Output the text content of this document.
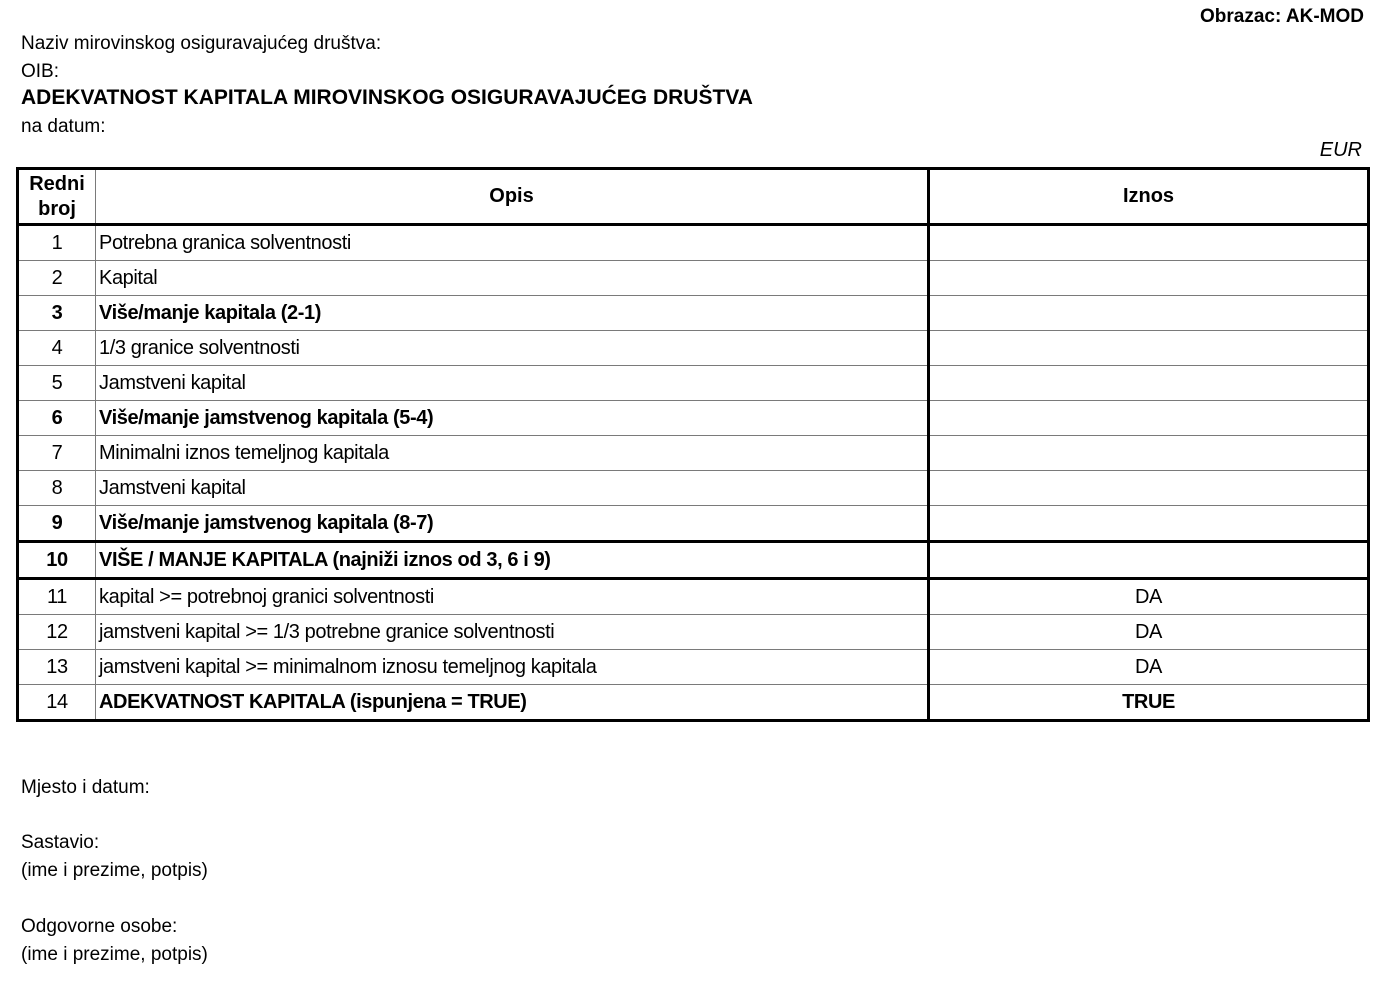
Obrazac: AK-MOD
Naziv mirovinskog osiguravajućeg društva:
OIB:
ADEKVATNOST KAPITALA MIROVINSKOG OSIGURAVAJUĆEG DRUŠTVA
na datum:
EUR
Redni
broj	Opis	Iznos
1	Potrebna granica solventnosti	
2	Kapital	
3	Više/manje kapitala (2-1)	
4	1/3 granice solventnosti	
5	Jamstveni kapital	
6	Više/manje jamstvenog kapitala (5-4)	
7	Minimalni iznos temeljnog kapitala	
8	Jamstveni kapital	
9	Više/manje jamstvenog kapitala (8-7)	
10	VIŠE / MANJE KAPITALA (najniži iznos od 3, 6 i 9)	
11	kapital >= potrebnoj granici solventnosti	DA
12	jamstveni kapital >= 1/3 potrebne granice solventnosti	DA
13	jamstveni kapital >= minimalnom iznosu temeljnog kapitala	DA
14	ADEKVATNOST KAPITALA (ispunjena = TRUE)	TRUE
Mjesto i datum:
Sastavio:
(ime i prezime, potpis)
Odgovorne osobe:
(ime i prezime, potpis)
